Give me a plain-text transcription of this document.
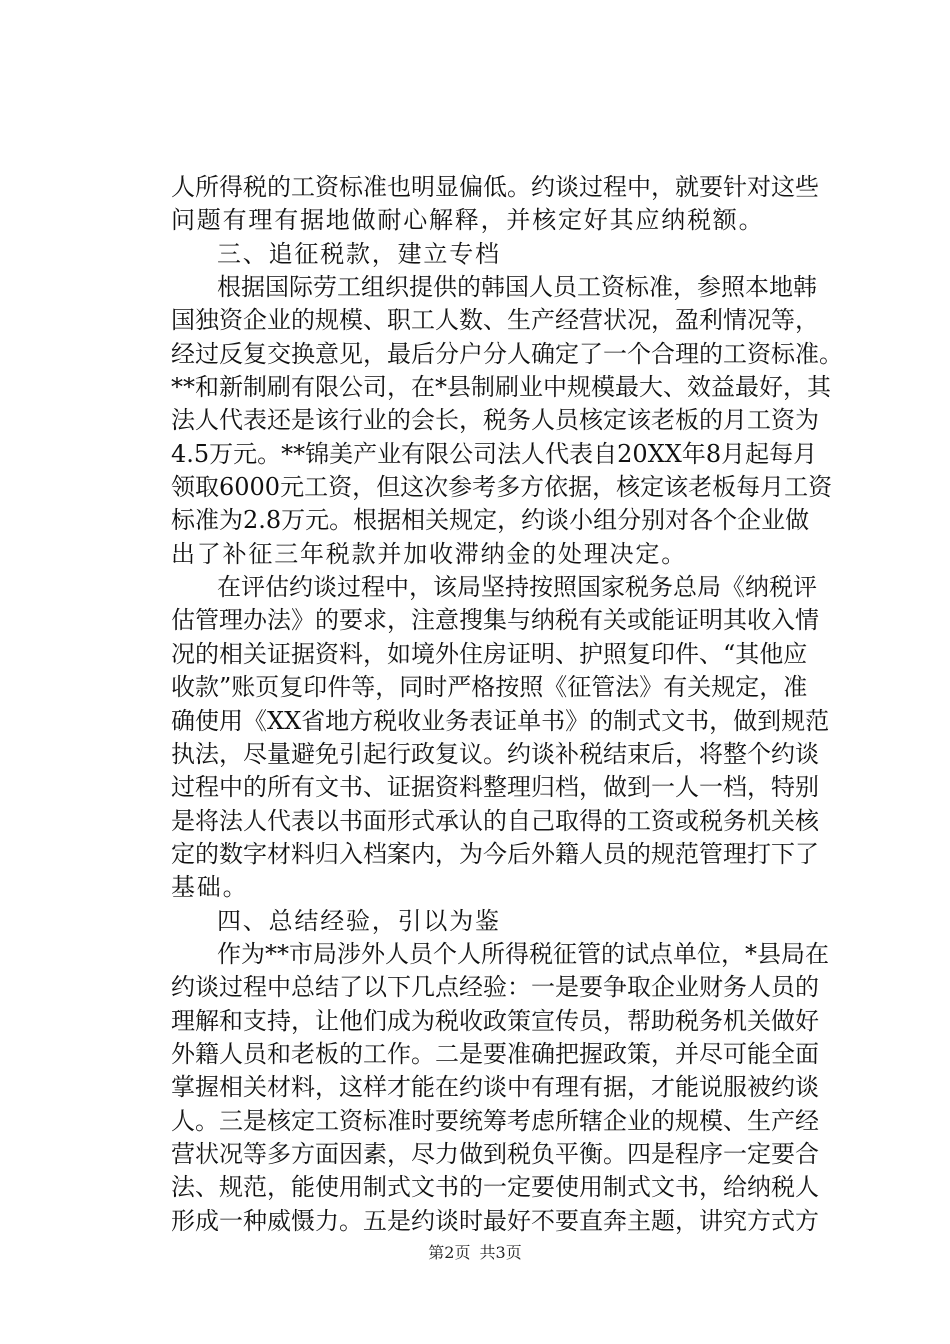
人所得税的工资标准也明显偏低。约谈过程中，就要针对这些
问题有理有据地做耐心解释，并核定好其应纳税额。
三、追征税款，建立专档
根据国际劳工组织提供的韩国人员工资标准，参照本地韩
国独资企业的规模、职工人数、生产经营状况，盈利情况等，
经过反复交换意见，最后分户分人确定了一个合理的工资标准。
**和新制刷有限公司，在*县制刷业中规模最大、效益最好，其
法人代表还是该行业的会长，税务人员核定该老板的月工资为
4.5万元。**锦美产业有限公司法人代表自20XX年8月起每月
领取6000元工资，但这次参考多方依据，核定该老板每月工资
标准为2.8万元。根据相关规定，约谈小组分别对各个企业做
出了补征三年税款并加收滞纳金的处理决定。
在评估约谈过程中，该局坚持按照国家税务总局《纳税评
估管理办法》的要求，注意搜集与纳税有关或能证明其收入情
况的相关证据资料，如境外住房证明、护照复印件、“其他应
收款”账页复印件等，同时严格按照《征管法》有关规定，准
确使用《XX省地方税收业务表证单书》的制式文书，做到规范
执法，尽量避免引起行政复议。约谈补税结束后，将整个约谈
过程中的所有文书、证据资料整理归档，做到一人一档，特别
是将法人代表以书面形式承认的自己取得的工资或税务机关核
定的数字材料归入档案内，为今后外籍人员的规范管理打下了
基础。
四、总结经验，引以为鉴
作为**市局涉外人员个人所得税征管的试点单位，*县局在
约谈过程中总结了以下几点经验：一是要争取企业财务人员的
理解和支持，让他们成为税收政策宣传员，帮助税务机关做好
外籍人员和老板的工作。二是要准确把握政策，并尽可能全面
掌握相关材料，这样才能在约谈中有理有据，才能说服被约谈
人。三是核定工资标准时要统筹考虑所辖企业的规模、生产经
营状况等多方面因素，尽力做到税负平衡。四是程序一定要合
法、规范，能使用制式文书的一定要使用制式文书，给纳税人
形成一种威慑力。五是约谈时最好不要直奔主题，讲究方式方
第2页 共3页
